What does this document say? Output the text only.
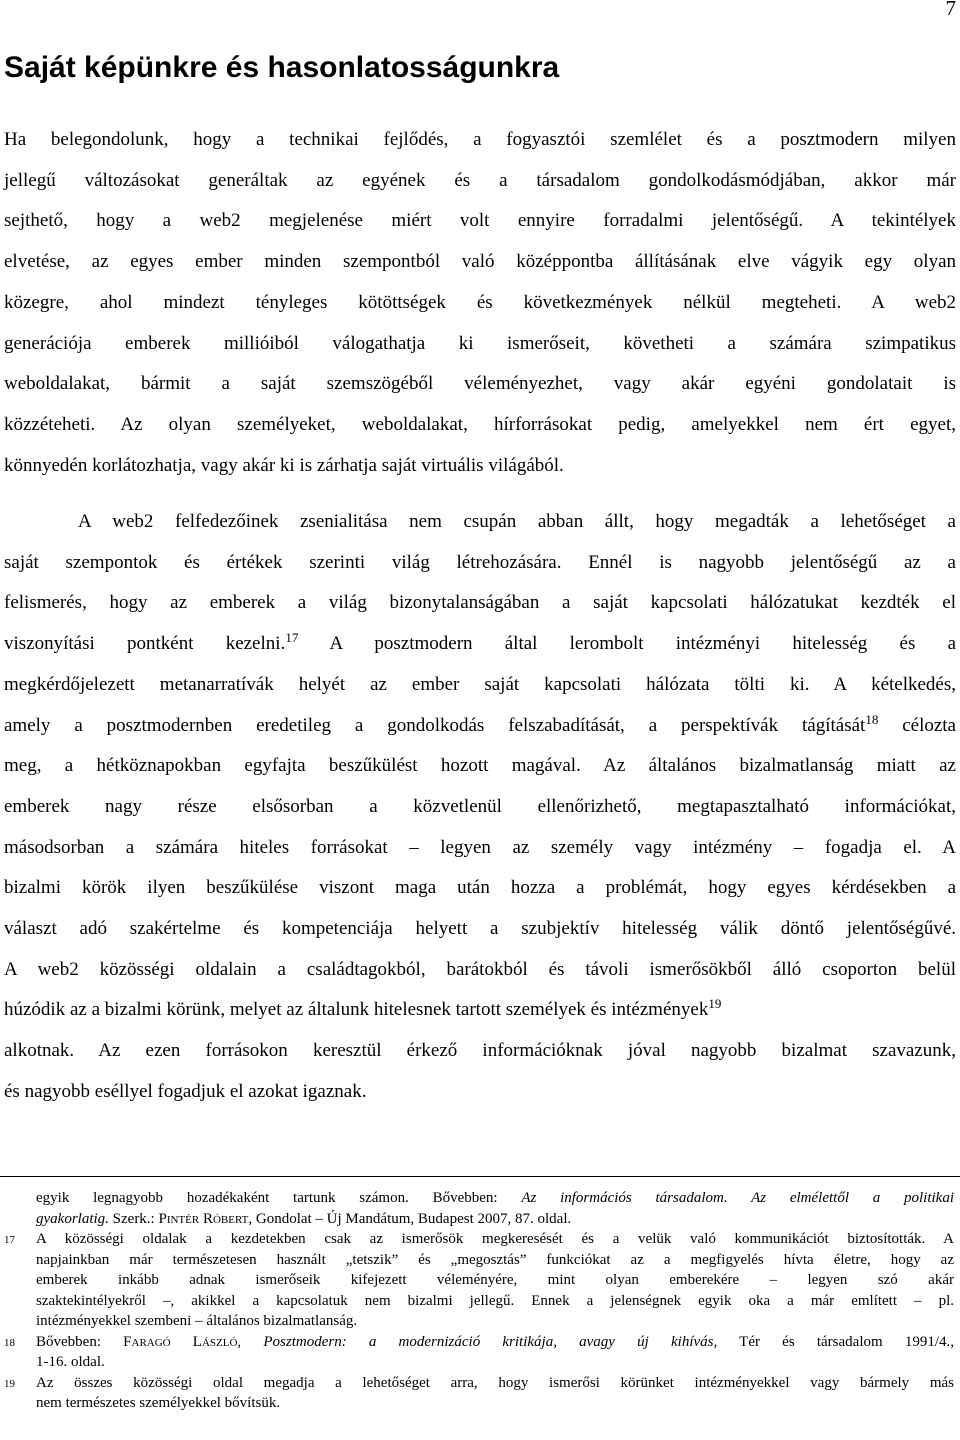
7
Saját képünkre és hasonlatosságunkra
Ha belegondolunk, hogy a technikai fejlődés, a fogyasztói szemlélet és a posztmodern milyen
jellegű változásokat generáltak az egyének és a társadalom gondolkodásmódjában, akkor már
sejthető, hogy a web2 megjelenése miért volt ennyire forradalmi jelentőségű. A tekintélyek
elvetése, az egyes ember minden szempontból való középpontba állításának elve vágyik egy olyan
közegre, ahol mindezt tényleges kötöttségek és következmények nélkül megteheti. A web2
generációja emberek millióiból válogathatja ki ismerőseit, követheti a számára szimpatikus
weboldalakat, bármit a saját szemszögéből véleményezhet, vagy akár egyéni gondolatait is
közzéteheti. Az olyan személyeket, weboldalakat, hírforrásokat pedig, amelyekkel nem ért egyet,
könnyedén korlátozhatja, vagy akár ki is zárhatja saját virtuális világából.
A web2 felfedezőinek zsenialitása nem csupán abban állt, hogy megadták a lehetőséget a
saját szempontok és értékek szerinti világ létrehozására. Ennél is nagyobb jelentőségű az a
felismerés, hogy az emberek a világ bizonytalanságában a saját kapcsolati hálózatukat kezdték el
viszonyítási pontként kezelni.$^{17}$ A posztmodern által lerombolt intézményi hitelesség és a
megkérdőjelezett metanarratívák helyét az ember saját kapcsolati hálózata tölti ki. A kételkedés,
amely a posztmodernben eredetileg a gondolkodás felszabadítását, a perspektívák tágítását$^{18}$ célozta
meg, a hétköznapokban egyfajta beszűkülést hozott magával. Az általános bizalmatlanság miatt az
emberek nagy része elsősorban a közvetlenül ellenőrizhető, megtapasztalható információkat,
másodsorban a számára hiteles forrásokat – legyen az személy vagy intézmény – fogadja el. A
bizalmi körök ilyen beszűkülése viszont maga után hozza a problémát, hogy egyes kérdésekben a
választ adó szakértelme és kompetenciája helyett a szubjektív hitelesség válik döntő jelentőségűvé.
A web2 közösségi oldalain a családtagokból, barátokból és távoli ismerősökből álló csoporton belül
húzódik az a bizalmi körünk, melyet az általunk hitelesnek tartott személyek és intézmények$^{19}$
alkotnak. Az ezen forrásokon keresztül érkező információknak jóval nagyobb bizalmat szavazunk,
és nagyobb eséllyel fogadjuk el azokat igaznak.
egyik legnagyobb hozadékaként tartunk számon. Bővebben: Az információs társadalom. Az elmélettől a politikai
gyakorlatig. Szerk.: Pintér Róbert, Gondolat – Új Mandátum, Budapest 2007, 87. oldal.
17 A közösségi oldalak a kezdetekben csak az ismerősök megkeresését és a velük való kommunikációt biztosították. A
napjainkban már természetesen használt „tetszik” és „megosztás” funkciókat az a megfigyelés hívta életre, hogy az
emberek inkább adnak ismerőseik kifejezett véleményére, mint olyan emberekére – legyen szó akár
szaktekintélyekről –, akikkel a kapcsolatuk nem bizalmi jellegű. Ennek a jelenségnek egyik oka a már említett – pl.
intézményekkel szembeni – általános bizalmatlanság.
18 Bővebben: Faragó László, Posztmodern: a modernizáció kritikája, avagy új kihívás, Tér és társadalom 1991/4.,
1-16. oldal.
19 Az összes közösségi oldal megadja a lehetőséget arra, hogy ismerősi körünket intézményekkel vagy bármely más
nem természetes személyekkel bővítsük.
